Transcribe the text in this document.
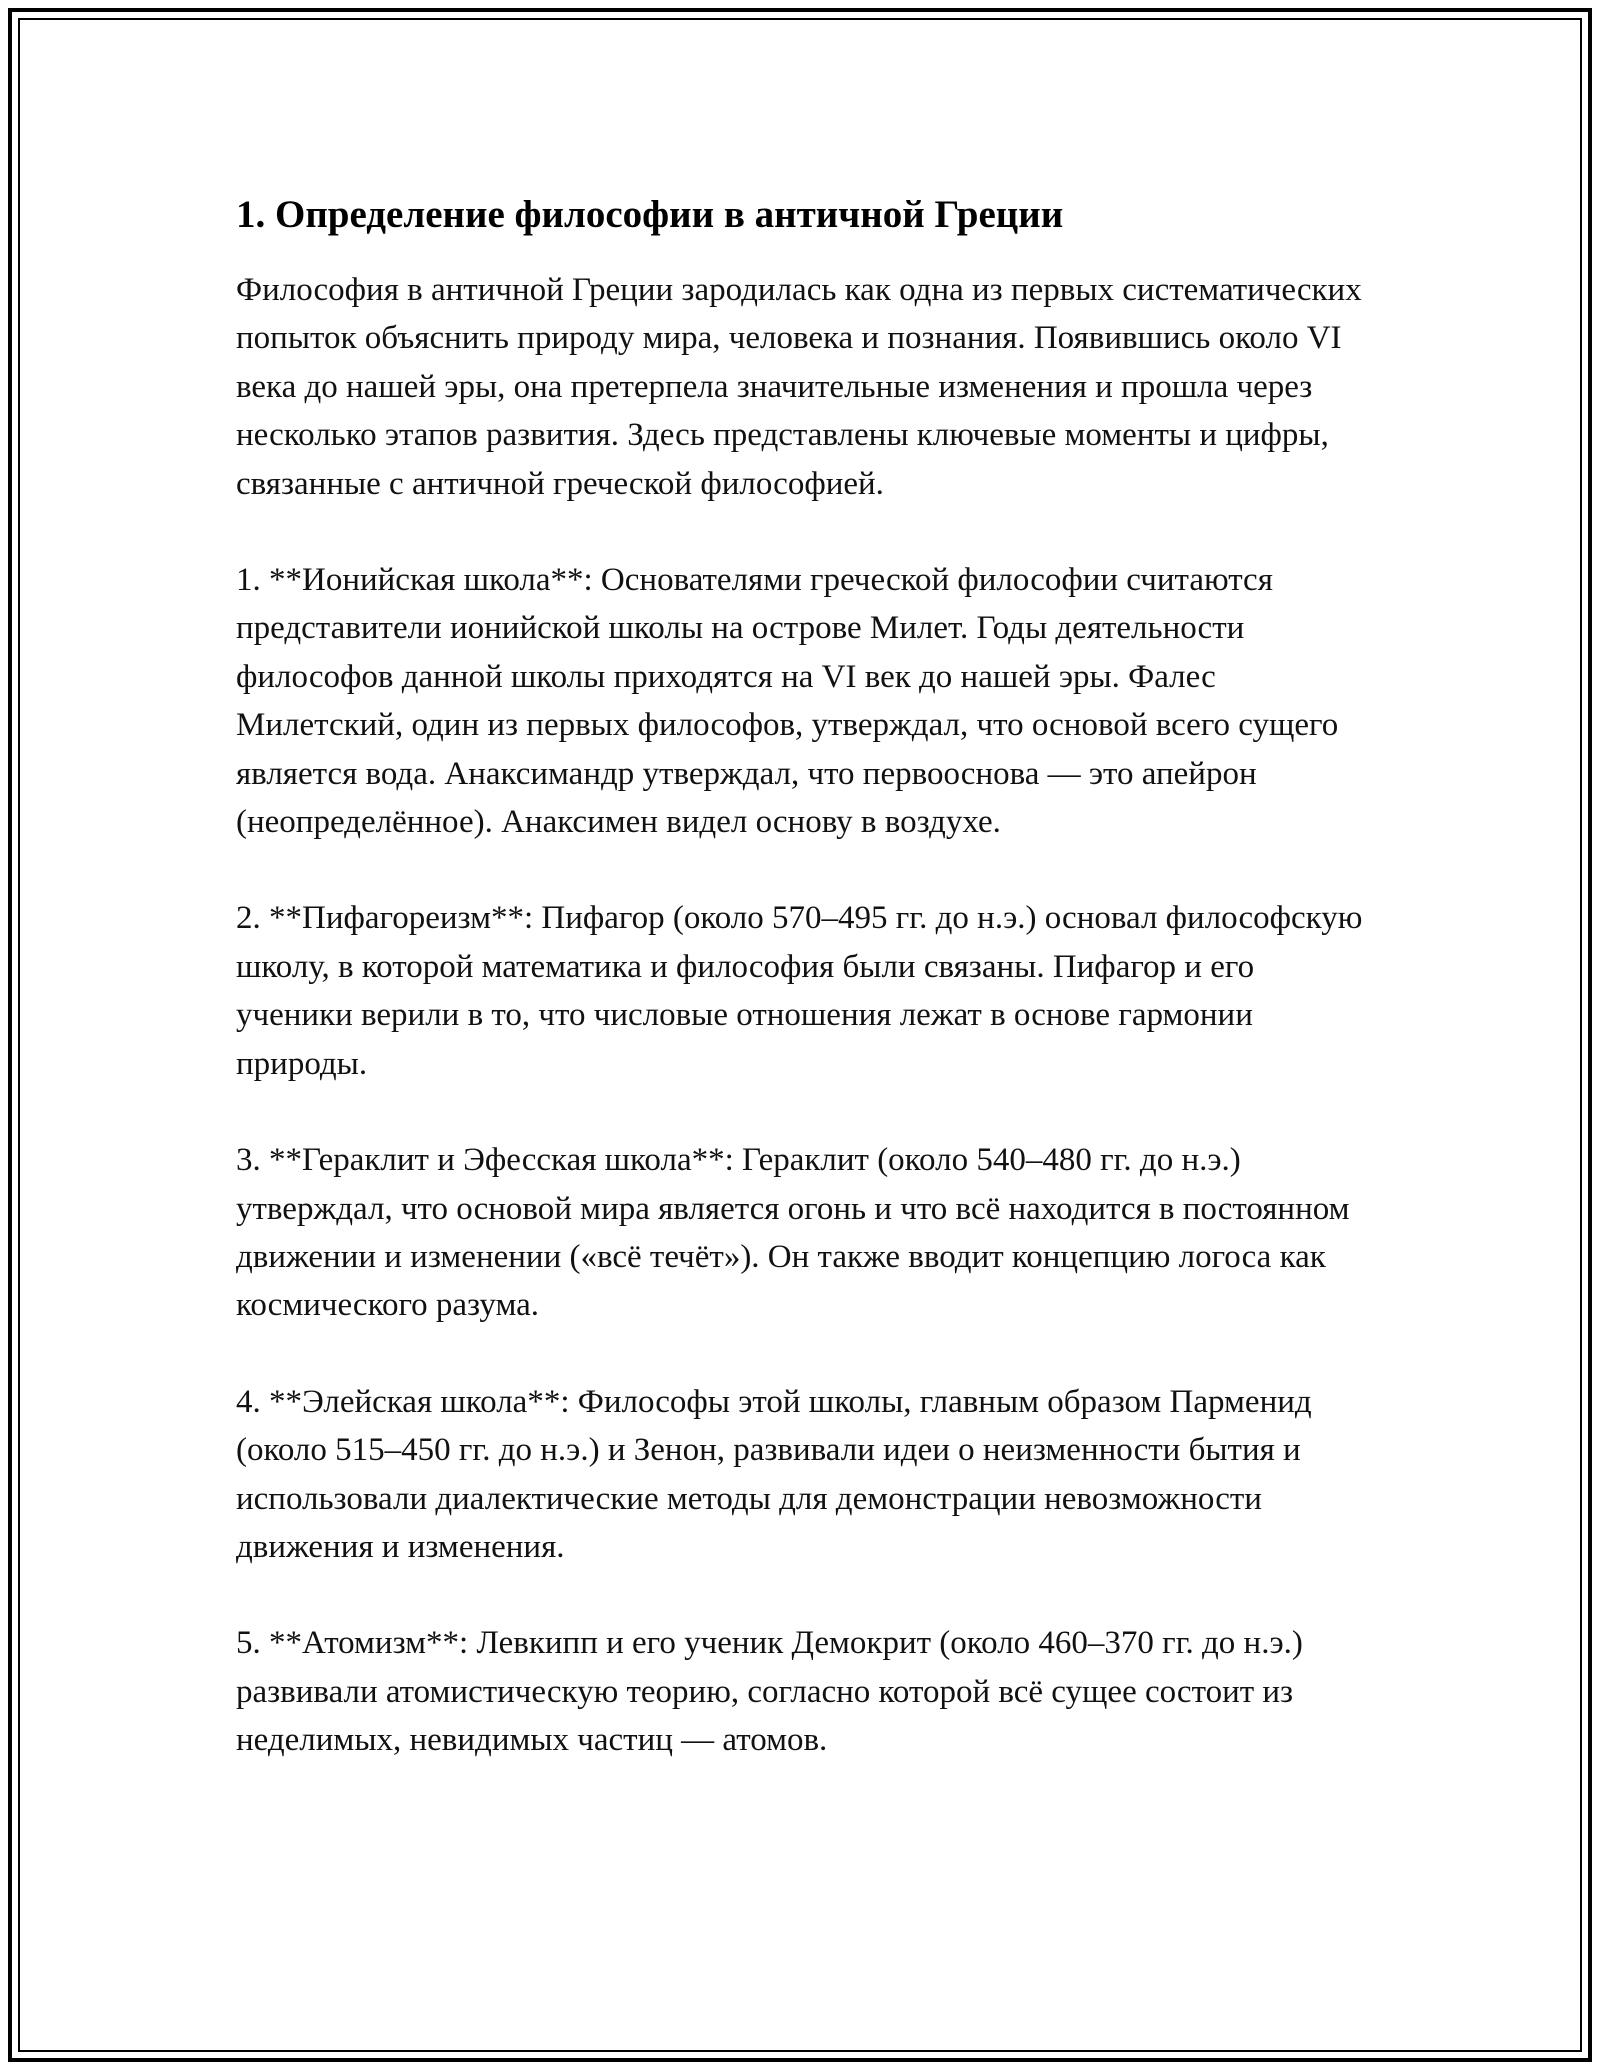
1. Определение философии в античной Греции

Философия в античной Греции зародилась как одна из первых систематических попыток объяснить природу мира, человека и познания. Появившись около VI века до нашей эры, она претерпела значительные изменения и прошла через несколько этапов развития. Здесь представлены ключевые моменты и цифры, связанные с античной греческой философией.

1. **Ионийская школа**: Основателями греческой философии считаются представители ионийской школы на острове Милет. Годы деятельности философов данной школы приходятся на VI век до нашей эры. Фалес Милетский, один из первых философов, утверждал, что основой всего сущего является вода. Анаксимандр утверждал, что первооснова — это апейрон (неопределённое). Анаксимен видел основу в воздухе.

2. **Пифагореизм**: Пифагор (около 570–495 гг. до н.э.) основал философскую школу, в которой математика и философия были связаны. Пифагор и его ученики верили в то, что числовые отношения лежат в основе гармонии природы.

3. **Гераклит и Эфесская школа**: Гераклит (около 540–480 гг. до н.э.) утверждал, что основой мира является огонь и что всё находится в постоянном движении и изменении («всё течёт»). Он также вводит концепцию логоса как космического разума.

4. **Элейская школа**: Философы этой школы, главным образом Парменид (около 515–450 гг. до н.э.) и Зенон, развивали идеи о неизменности бытия и использовали диалектические методы для демонстрации невозможности движения и изменения.

5. **Атомизм**: Левкипп и его ученик Демокрит (около 460–370 гг. до н.э.) развивали атомистическую теорию, согласно которой всё сущее состоит из неделимых, невидимых частиц — атомов.
